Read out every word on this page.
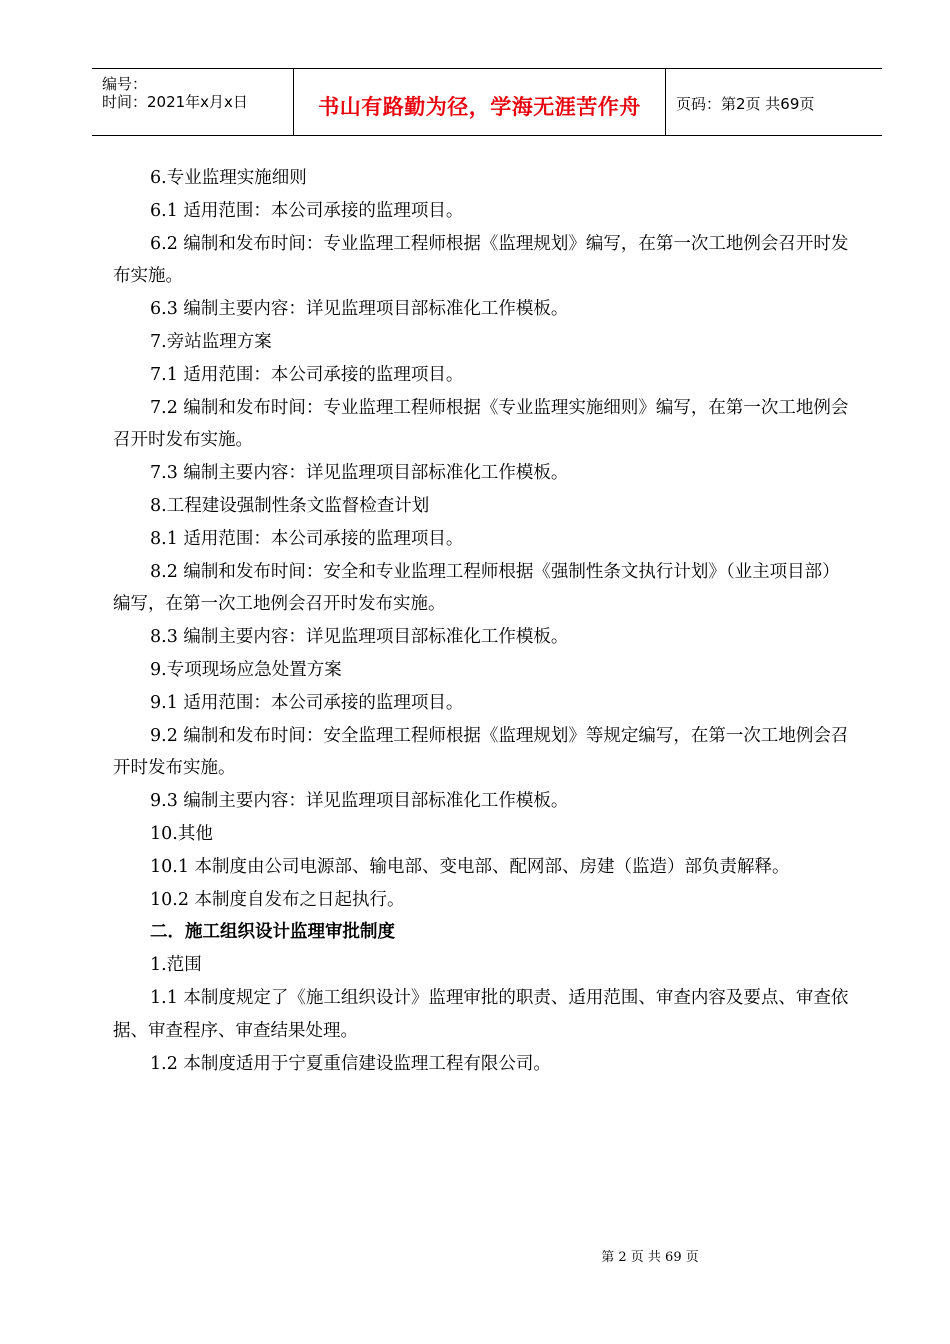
编号：
时间：2021年x月x日	书山有路勤为径，学海无涯苦作舟	页码：第2页 共69页

6.专业监理实施细则

6.1 适用范围：本公司承接的监理项目。

6.2 编制和发布时间：专业监理工程师根据《监理规划》编写，在第一次工地例会召开时发布实施。

6.3 编制主要内容：详见监理项目部标准化工作模板。

7.旁站监理方案

7.1 适用范围：本公司承接的监理项目。

7.2 编制和发布时间：专业监理工程师根据《专业监理实施细则》编写，在第一次工地例会召开时发布实施。

7.3 编制主要内容：详见监理项目部标准化工作模板。

8.工程建设强制性条文监督检查计划

8.1 适用范围：本公司承接的监理项目。

8.2 编制和发布时间：安全和专业监理工程师根据《强制性条文执行计划》（业主项目部）编写，在第一次工地例会召开时发布实施。

8.3 编制主要内容：详见监理项目部标准化工作模板。

9.专项现场应急处置方案

9.1 适用范围：本公司承接的监理项目。

9.2 编制和发布时间：安全监理工程师根据《监理规划》等规定编写，在第一次工地例会召开时发布实施。

9.3 编制主要内容：详见监理项目部标准化工作模板。

10.其他

10.1 本制度由公司电源部、输电部、变电部、配网部、房建（监造）部负责解释。

10.2 本制度自发布之日起执行。

二．施工组织设计监理审批制度

1.范围

1.1 本制度规定了《施工组织设计》监理审批的职责、适用范围、审查内容及要点、审查依据、审查程序、审查结果处理。

1.2 本制度适用于宁夏重信建设监理工程有限公司。

第 2 页 共 69 页
